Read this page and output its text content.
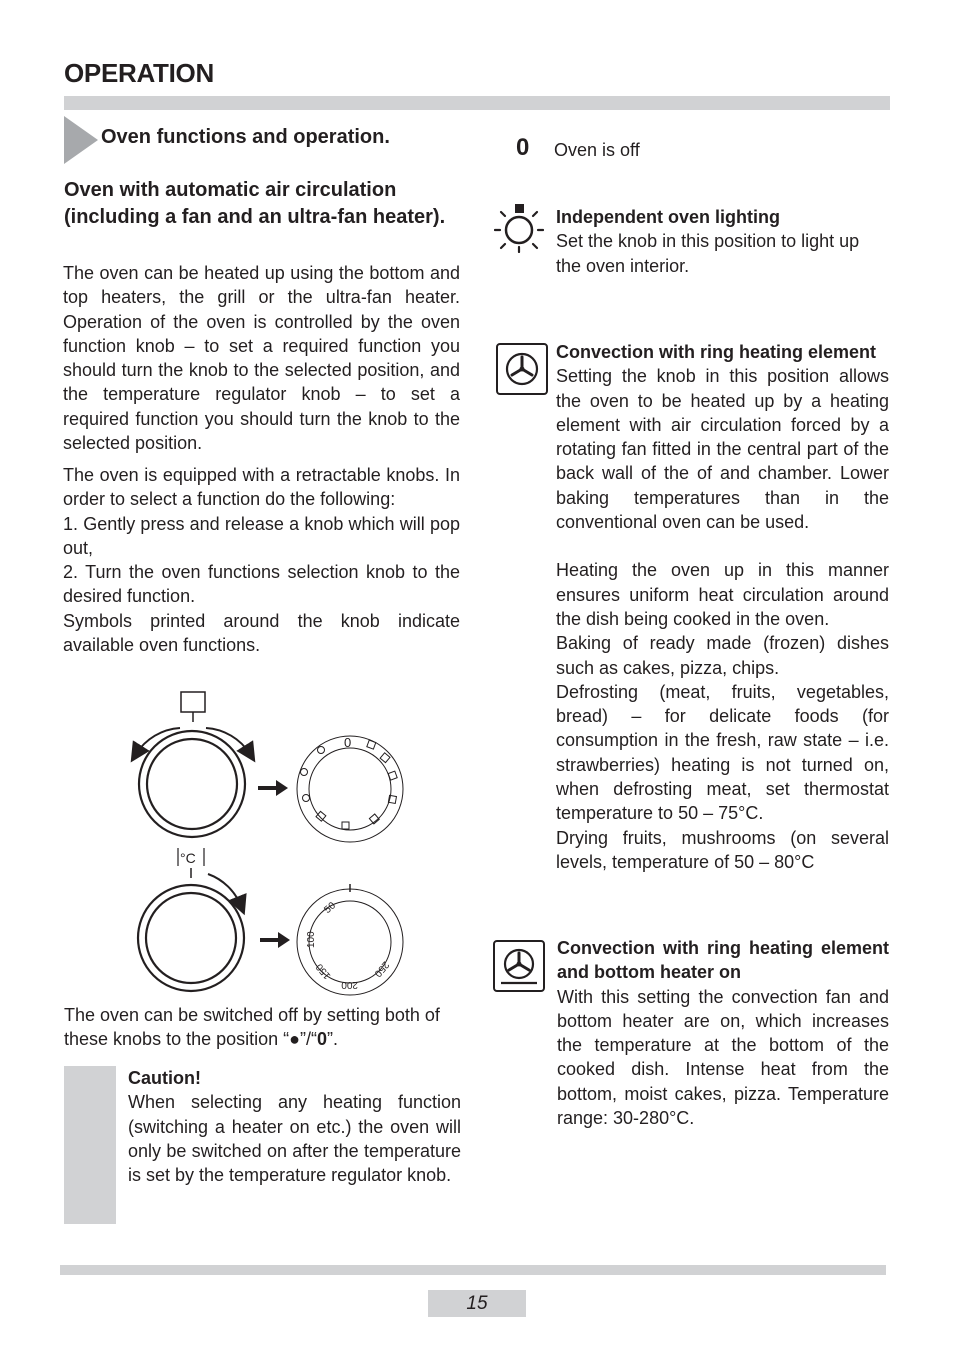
OPERATION
Oven functions and operation.
Oven with automatic air circulation (including a fan and an ultra-fan heater).
The oven can be heated up using the bottom and top heaters, the grill or the ultra-fan heater. Operation of the oven is controlled by the oven function knob – to set a required function you should turn the knob to the selected position, and the temperature regulator knob – to set a required function you should turn the knob to the selected position.
The oven is equipped with a retractable knobs. In order to select a function do the following:
1. Gently press and release a knob which will pop out,
2. Turn the oven functions selection knob to the desired function.
Symbols printed around the knob indicate available oven functions.
0
°C
50
100
150
200
250
The oven can be switched off by setting both of these knobs to the position “●”/“0”.
Caution!
When selecting any heating function (switching a heater on etc.) the oven will only be switched on after the temperature is set by the temperature regulator knob.
0 Oven is off
Independent oven lighting
Set the knob in this position to light up the oven interior.
Convection with ring heating element
Setting the knob in this position allows the oven to be heated up by a heating element with air circulation forced by a rotating fan fitted in the central part of the back wall of the of and chamber. Lower baking temperatures than in the conventional oven can be used.
Heating the oven up in this manner ensures uniform heat circulation around the dish being cooked in the oven.
Baking of ready made (frozen) dishes such as cakes, pizza, chips.
Defrosting (meat, fruits, vegetables, bread) – for delicate foods (for consumption in the fresh, raw state – i.e. strawberries) heating is not turned on, when defrosting meat, set thermostat temperature to 50 – 75°C.
Drying fruits, mushrooms (on several levels, temperature of 50 – 80°C
Convection with ring heating element and bottom heater on
With this setting the convection fan and bottom heater are on, which increases the temperature at the bottom of the cooked dish. Intense heat from the bottom, moist cakes, pizza. Temperature range: 30-280°C.
15
